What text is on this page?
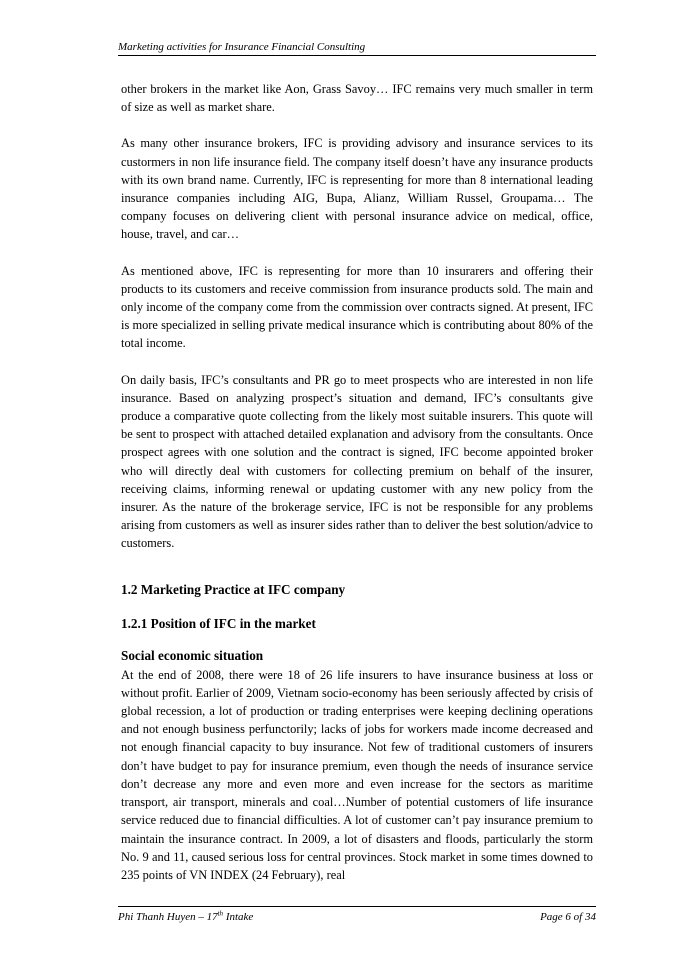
Marketing activities for Insurance Financial Consulting

other brokers in the market like Aon, Grass Savoy… IFC remains very much smaller in term of size as well as market share.

As many other insurance brokers, IFC is providing advisory and insurance services to its custormers in non life insurance field. The company itself doesn’t have any insurance products with its own brand name. Currently, IFC is representing for more than 8 international leading insurance companies including AIG, Bupa, Alianz, William Russel, Groupama… The company focuses on delivering client with personal insurance advice on medical, office, house, travel, and car…

As mentioned above, IFC is representing for more than 10 insurarers and offering their products to its customers and receive commission from insurance products sold. The main and only income of the company come from the commission over contracts signed. At present, IFC is more specialized in selling private medical insurance which is contributing about 80% of the total income.

On daily basis, IFC’s consultants and PR go to meet prospects who are interested in non life insurance. Based on analyzing prospect’s situation and demand, IFC’s consultants give produce a comparative quote collecting from the likely most suitable insurers. This quote will be sent to prospect with attached detailed explanation and advisory from the consultants. Once prospect agrees with one solution and the contract is signed, IFC become appointed broker who will directly deal with customers for collecting premium on behalf of the insurer, receiving claims, informing renewal or updating customer with any new policy from the insurer. As the nature of the brokerage service, IFC is not be responsible for any problems arising from customers as well as insurer sides rather than to deliver the best solution/advice to customers.

1.2 Marketing Practice at IFC company
1.2.1 Position of IFC in the market
Social economic situation

At the end of 2008, there were 18 of 26 life insurers to have insurance business at loss or without profit. Earlier of 2009, Vietnam socio-economy has been seriously affected by crisis of global recession, a lot of production or trading enterprises were keeping declining operations and not enough business perfunctorily; lacks of jobs for workers made income decreased and not enough financial capacity to buy insurance. Not few of traditional customers of insurers don’t have budget to pay for insurance premium, even though the needs of insurance service don’t decrease any more and even more and even increase for the sectors as maritime transport, air transport, minerals and coal…Number of potential customers of life insurance service reduced due to financial difficulties. A lot of customer can’t pay insurance premium to maintain the insurance contract. In 2009, a lot of disasters and floods, particularly the storm No. 9 and 11, caused serious loss for central provinces. Stock market in some times downed to 235 points of VN INDEX (24 February), real

Phi Thanh Huyen – 17th Intake	Page 6 of 34
